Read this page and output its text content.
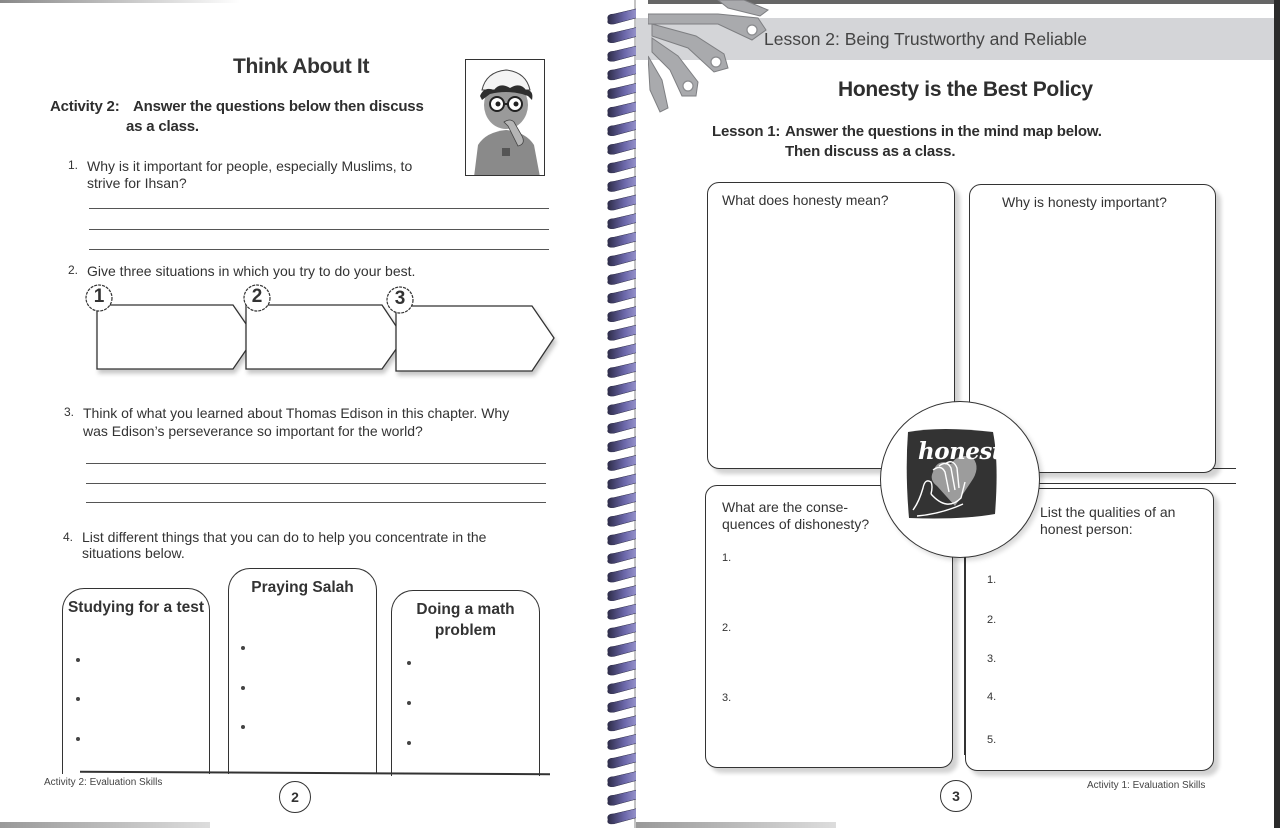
Think About It
Activity 2: Answer the questions below then discuss
as a class.
1. Why is it important for people, especially Muslims, to
strive for Ihsan?
2. Give three situations in which you try to do your best.
1	2	3
3. Think of what you learned about Thomas Edison in this chapter. Why
was Edison’s perseverance so important for the world?
4. List different things that you can do to help you concentrate in the
situations below.
Studying for a test
Praying Salah
Doing a math
problem
Activity 2: Evaluation Skills
2
Lesson 2: Being Trustworthy and Reliable
Honesty is the Best Policy
Lesson 1: Answer the questions in the mind map below.
Then discuss as a class.
What does honesty mean?	Why is honesty important?
What are the conse-
quences of dishonesty?
1.
2.
3.
List the qualities of an
honest person:
1.
2.
3.
4.
5.
honesty
Activity 1: Evaluation Skills
3
